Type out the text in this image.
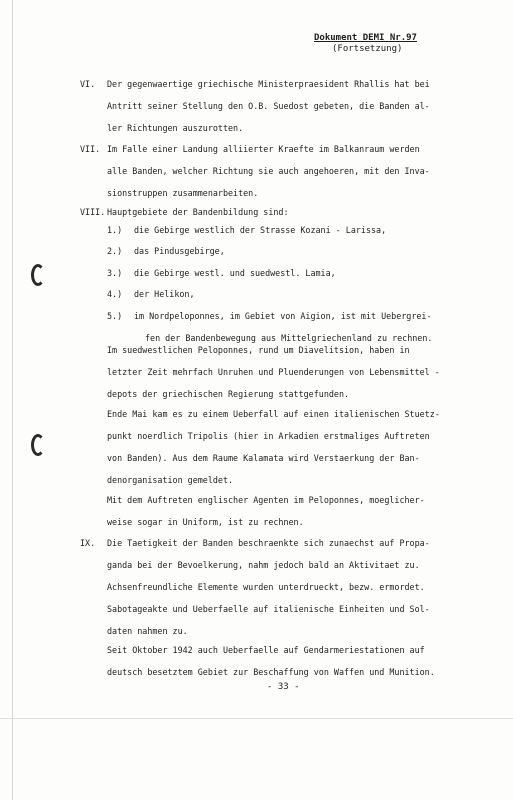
Dokument DEMI Nr.97
(Fortsetzung)
VI. Der gegenwaertige griechische Ministerpraesident Rhallis hat bei
Antritt seiner Stellung den O.B. Suedost gebeten, die Banden al-
ler Richtungen auszurotten.
VII. Im Falle einer Landung alliierter Kraefte im Balkanraum werden
alle Banden, welcher Richtung sie auch angehoeren, mit den Inva-
sionstruppen zusammenarbeiten.
VIII. Hauptgebiete der Bandenbildung sind:
1.) die Gebirge westlich der Strasse Kozani - Larissa,
2.) das Pindusgebirge,
3.) die Gebirge westl. und suedwestl. Lamia,
4.) der Helikon,
5.) im Nordpeloponnes, im Gebiet von Aigion, ist mit Uebergrei-
fen der Bandenbewegung aus Mittelgriechenland zu rechnen.
Im suedwestlichen Peloponnes, rund um Diavelitsion, haben in
letzter Zeit mehrfach Unruhen und Pluenderungen von Lebensmittel -
depots der griechischen Regierung stattgefunden.
Ende Mai kam es zu einem Ueberfall auf einen italienischen Stuetz-
punkt noerdlich Tripolis (hier in Arkadien erstmaliges Auftreten
von Banden). Aus dem Raume Kalamata wird Verstaerkung der Ban-
denorganisation gemeldet.
Mit dem Auftreten englischer Agenten im Peloponnes, moeglicher-
weise sogar in Uniform, ist zu rechnen.
IX. Die Taetigkeit der Banden beschraenkte sich zunaechst auf Propa-
ganda bei der Bevoelkerung, nahm jedoch bald an Aktivitaet zu.
Achsenfreundliche Elemente wurden unterdrueckt, bezw. ermordet.
Sabotageakte und Ueberfaelle auf italienische Einheiten und Sol-
daten nahmen zu.
Seit Oktober 1942 auch Ueberfaelle auf Gendarmeriestationen auf
deutsch besetztem Gebiet zur Beschaffung von Waffen und Munition.
- 33 -
